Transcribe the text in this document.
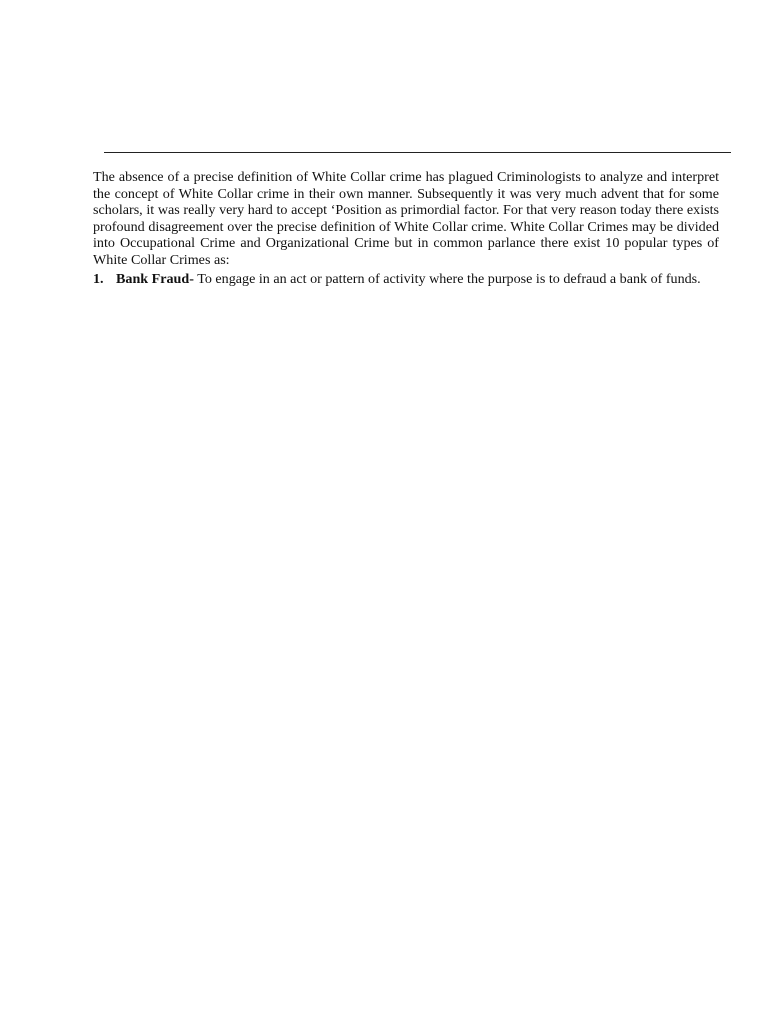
The absence of a precise definition of White Collar crime has plagued Criminologists to analyze and interpret the concept of White Collar crime in their own manner. Subsequently it was very much advent that for some scholars, it was really very hard to accept ‘Position as primordial factor. For that very reason today there exists profound disagreement over the precise definition of White Collar crime. White Collar Crimes may be divided into Occupational Crime and Organizational Crime but in common parlance there exist 10 popular types of White Collar Crimes as:

1. Bank Fraud- To engage in an act or pattern of activity where the purpose is to defraud a bank of funds.
